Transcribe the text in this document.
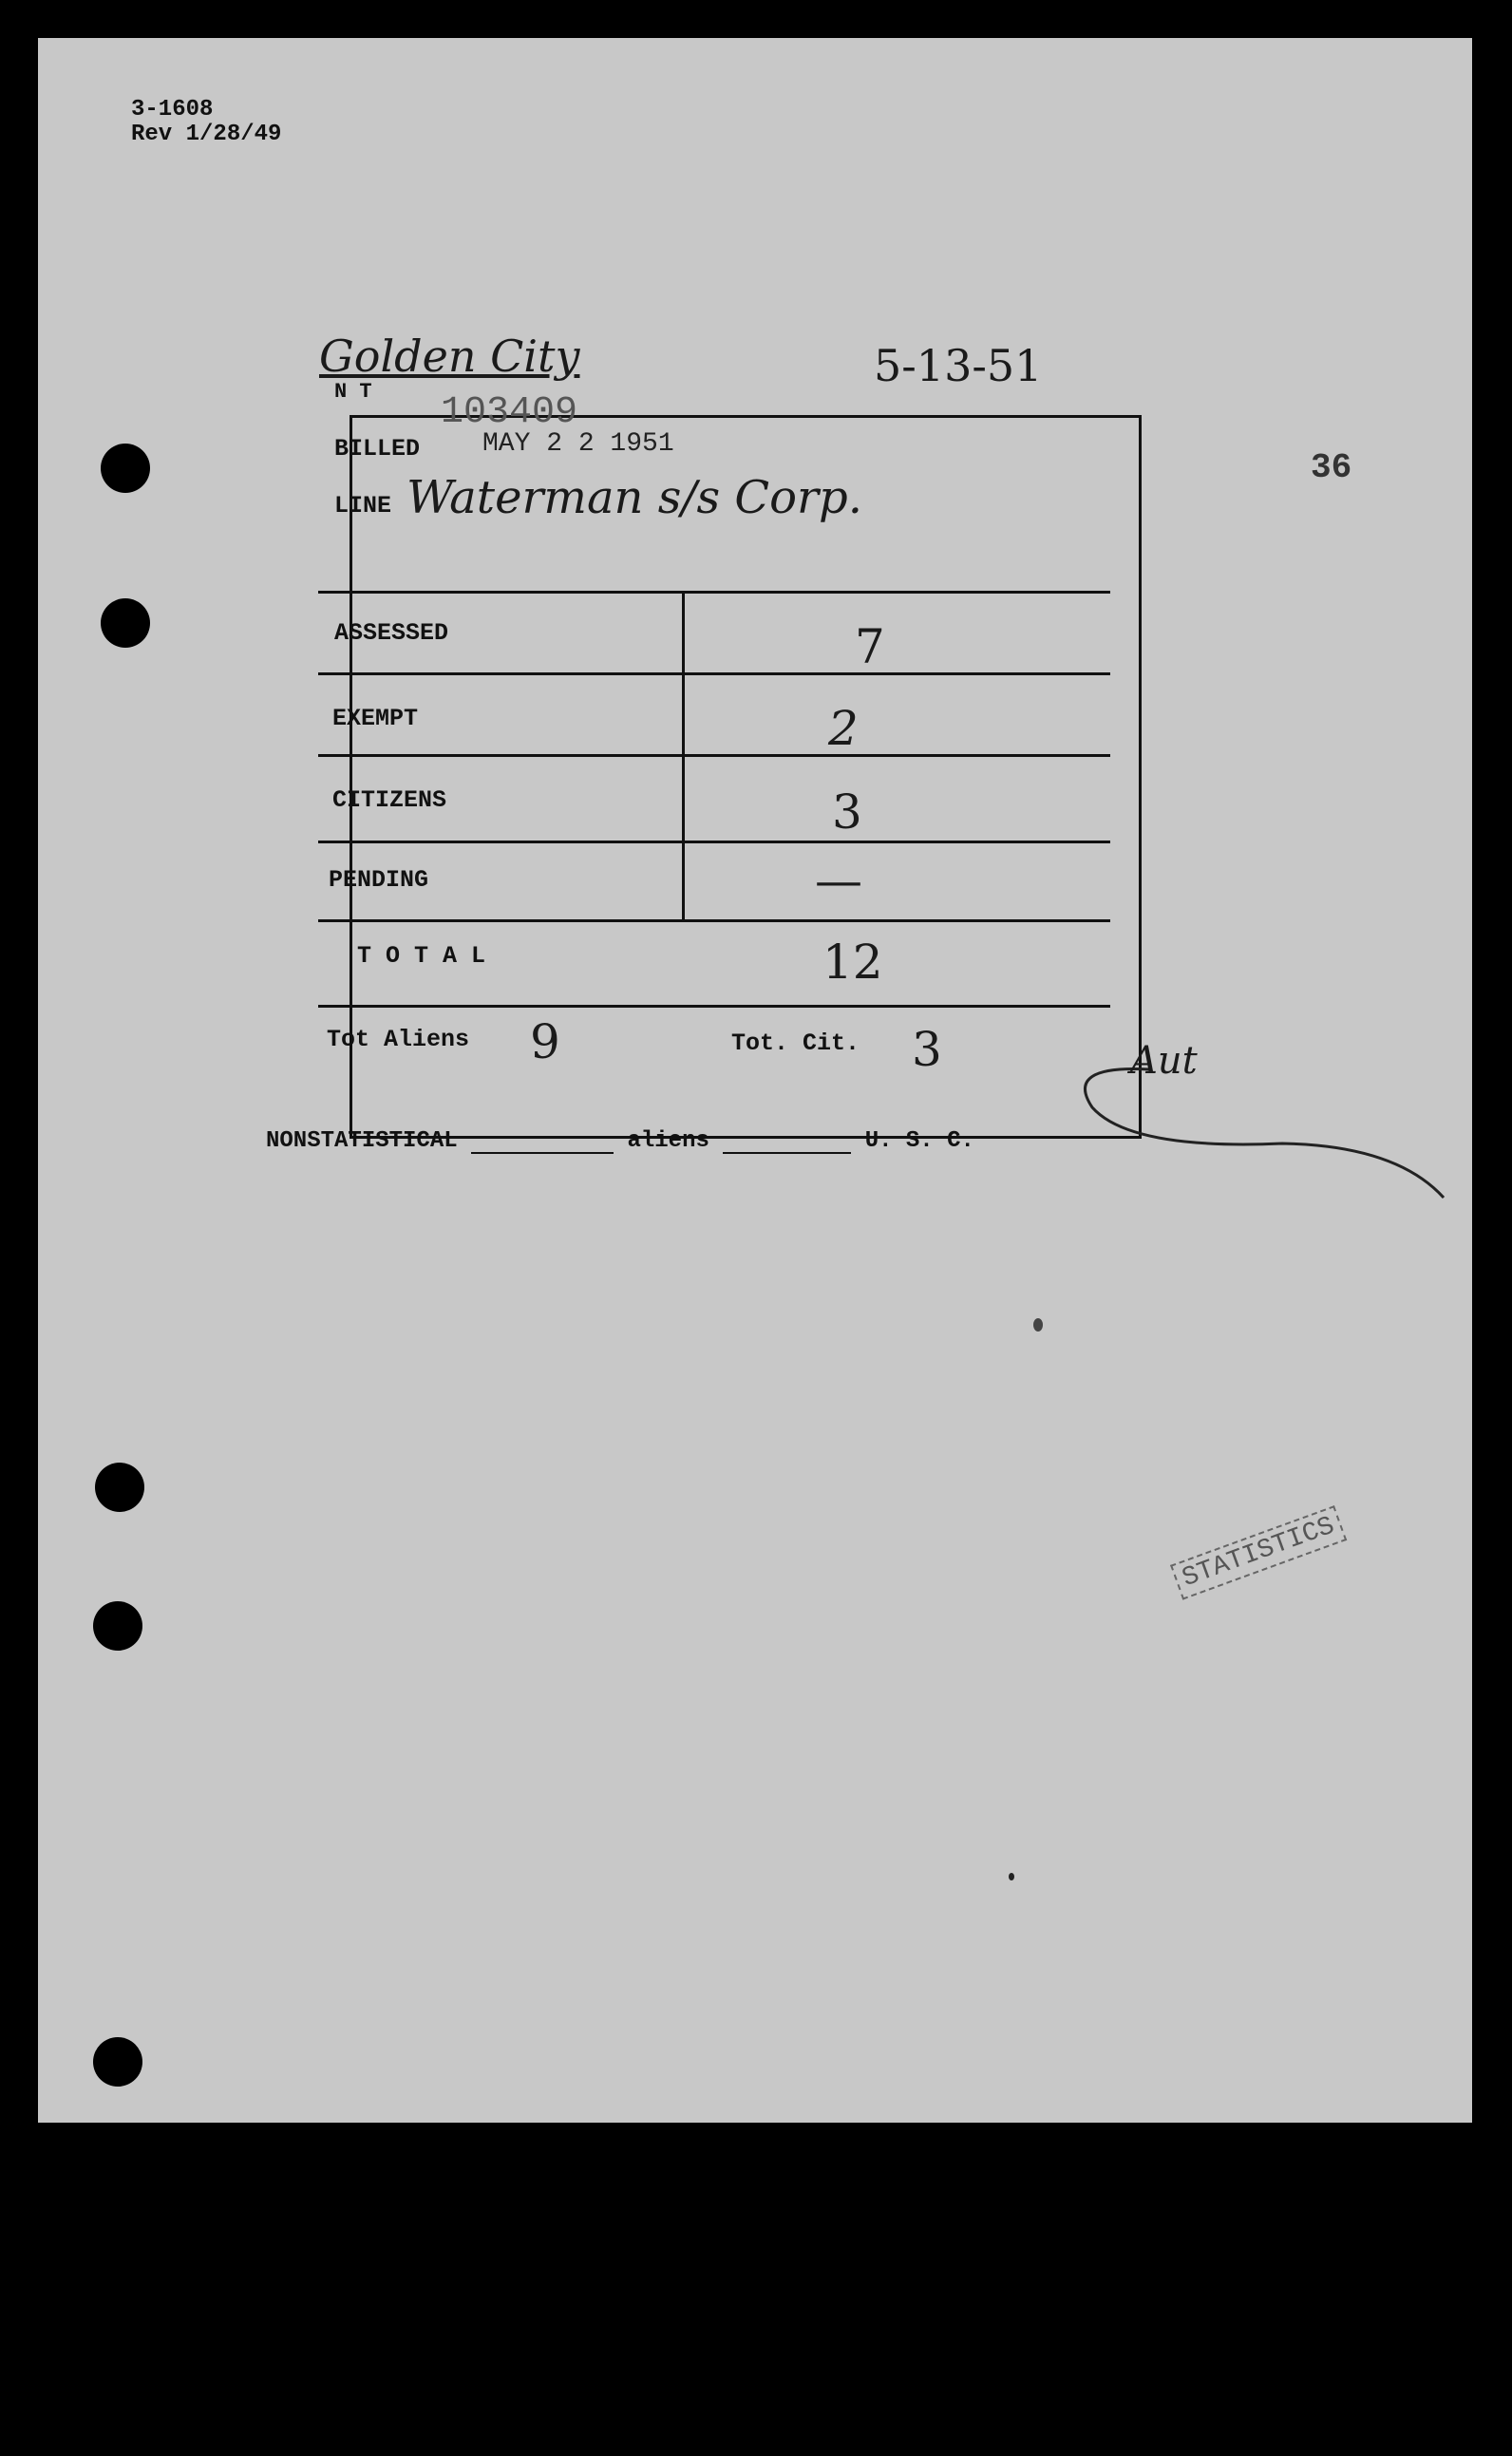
3-1608
Rev 1/28/49
Golden City	5-13-51
36
N T 103409
BILLED MAY 2 2 1951
LINE Waterman s/s Corp.
ASSESSED	7
EXEMPT	2
CITIZENS	3
PENDING	—
T O T A L	12
Tot Aliens 9	Tot. Cit. 3	Aut
NONSTATISTICAL	aliens	U. S. C.
STATISTICS
